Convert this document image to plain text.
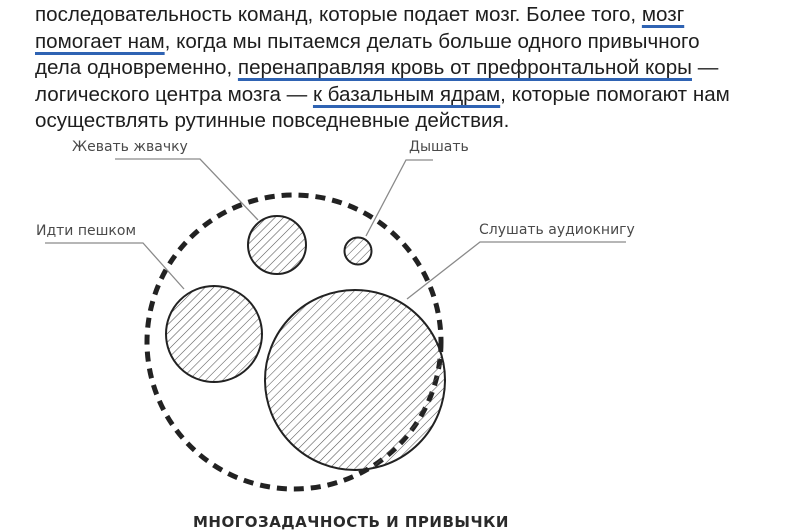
последовательность команд, которые подает мозг. Более того, мозг
помогает нам, когда мы пытаемся делать больше одного привычного
дела одновременно, перенаправляя кровь от префронтальной коры —
логического центра мозга — к базальным ядрам, которые помогают нам
осуществлять рутинные повседневные действия.

Жевать жвачку	Дышать
Идти пешком	Слушать аудиокнигу
МНОГОЗАДАЧНОСТЬ И ПРИВЫЧКИ
